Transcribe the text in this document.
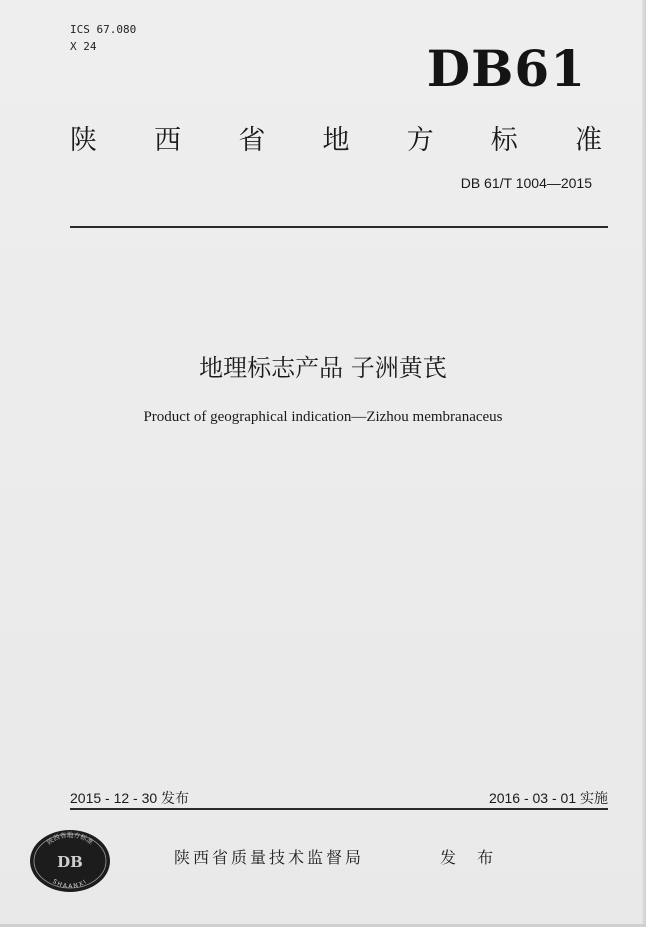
ICS 67.080
X 24	DB61
陕 西 省 地 方 标 准
DB 61/T 1004—2015
地理标志产品 子洲黄芪
Product of geographical indication—Zizhou membranaceus
2015 - 12 - 30 发布	2016 - 03 - 01 实施
陕西省地方标准
SHAANXI
DB	陕西省质量技术监督局	发 布
